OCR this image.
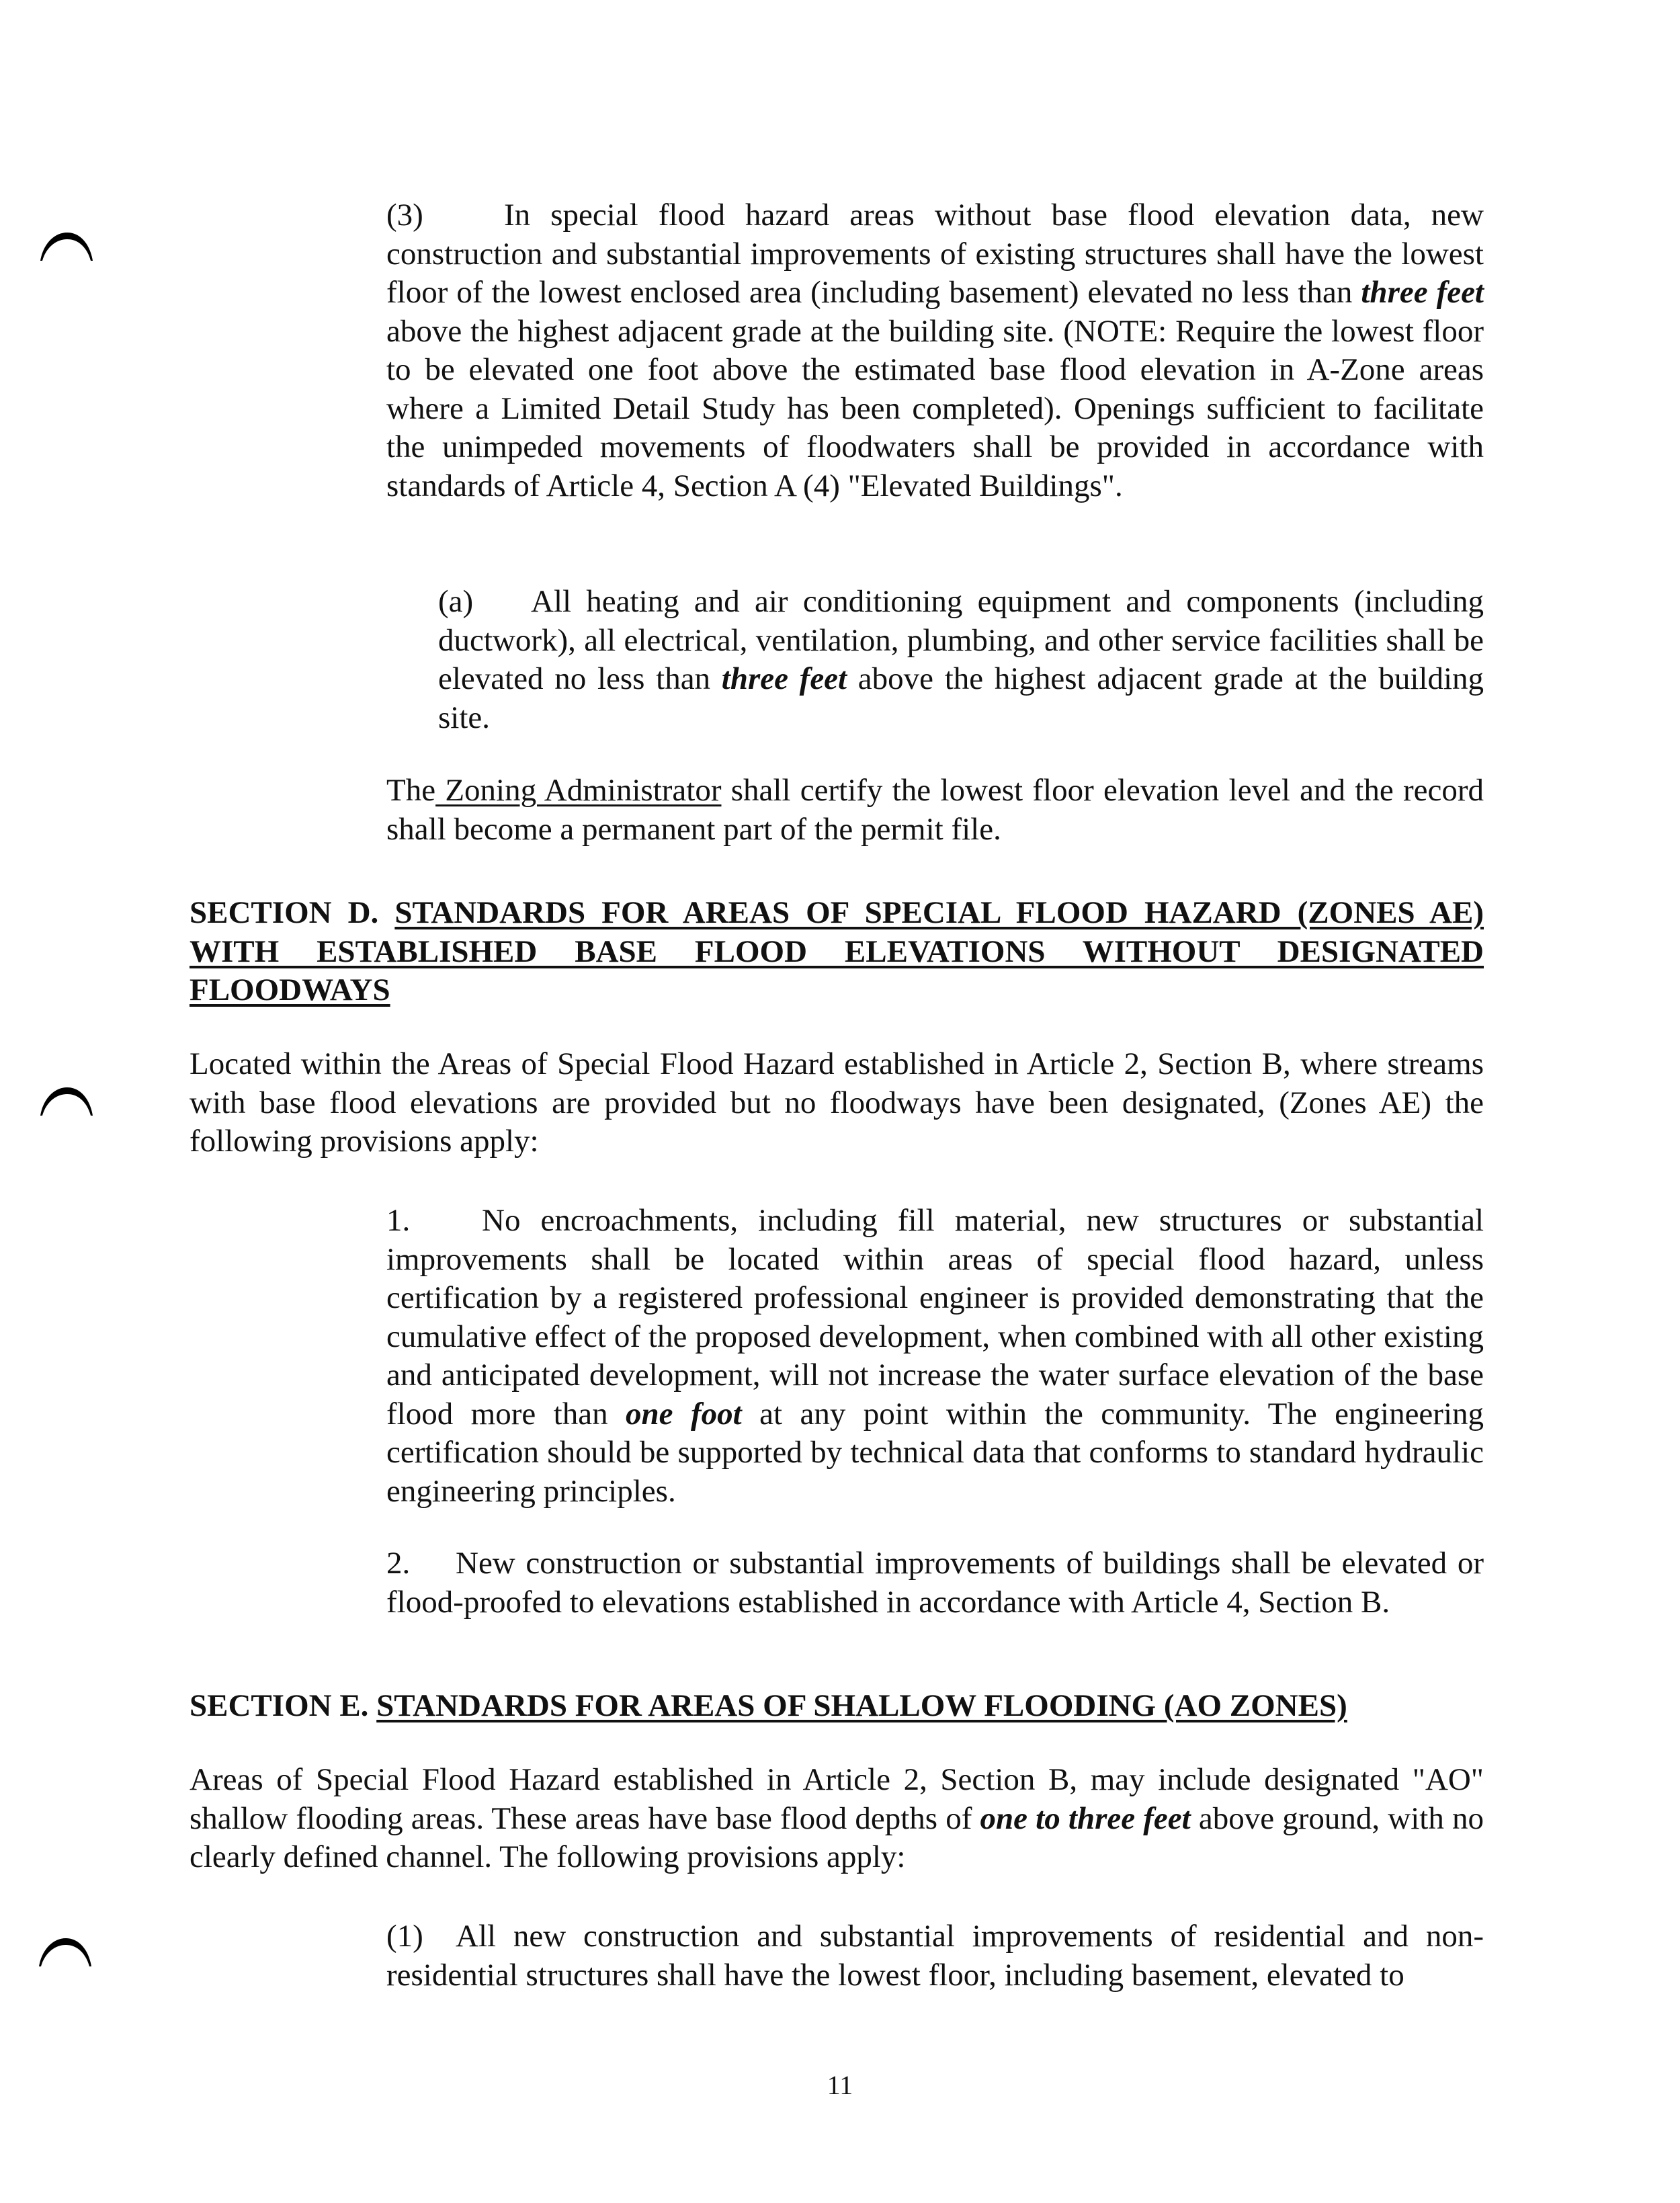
(3)	In special flood hazard areas without base flood elevation data, new construction and substantial improvements of existing structures shall have the lowest floor of the lowest enclosed area (including basement) elevated no less than three feet above the highest adjacent grade at the building site. (NOTE: Require the lowest floor to be elevated one foot above the estimated base flood elevation in A-Zone areas where a Limited Detail Study has been completed). Openings sufficient to facilitate the unimpeded movements of floodwaters shall be provided in accordance with standards of Article 4, Section A (4) "Elevated Buildings".

(a) All heating and air conditioning equipment and components (including ductwork), all electrical, ventilation, plumbing, and other service facilities shall be elevated no less than three feet above the highest adjacent grade at the building site.

The Zoning Administrator shall certify the lowest floor elevation level and the record shall become a permanent part of the permit file.

SECTION D. STANDARDS FOR AREAS OF SPECIAL FLOOD HAZARD (ZONES AE) WITH ESTABLISHED BASE FLOOD ELEVATIONS WITHOUT DESIGNATED FLOODWAYS

Located within the Areas of Special Flood Hazard established in Article 2, Section B, where streams with base flood elevations are provided but no floodways have been designated, (Zones AE) the following provisions apply:

1. No encroachments, including fill material, new structures or substantial improvements shall be located within areas of special flood hazard, unless certification by a registered professional engineer is provided demonstrating that the cumulative effect of the proposed development, when combined with all other existing and anticipated development, will not increase the water surface elevation of the base flood more than one foot at any point within the community. The engineering certification should be supported by technical data that conforms to standard hydraulic engineering principles.

2. New construction or substantial improvements of buildings shall be elevated or flood-proofed to elevations established in accordance with Article 4, Section B.

SECTION E. STANDARDS FOR AREAS OF SHALLOW FLOODING (AO ZONES)

Areas of Special Flood Hazard established in Article 2, Section B, may include designated "AO" shallow flooding areas. These areas have base flood depths of one to three feet above ground, with no clearly defined channel. The following provisions apply:

(1) All new construction and substantial improvements of residential and non-residential structures shall have the lowest floor, including basement, elevated to

11
